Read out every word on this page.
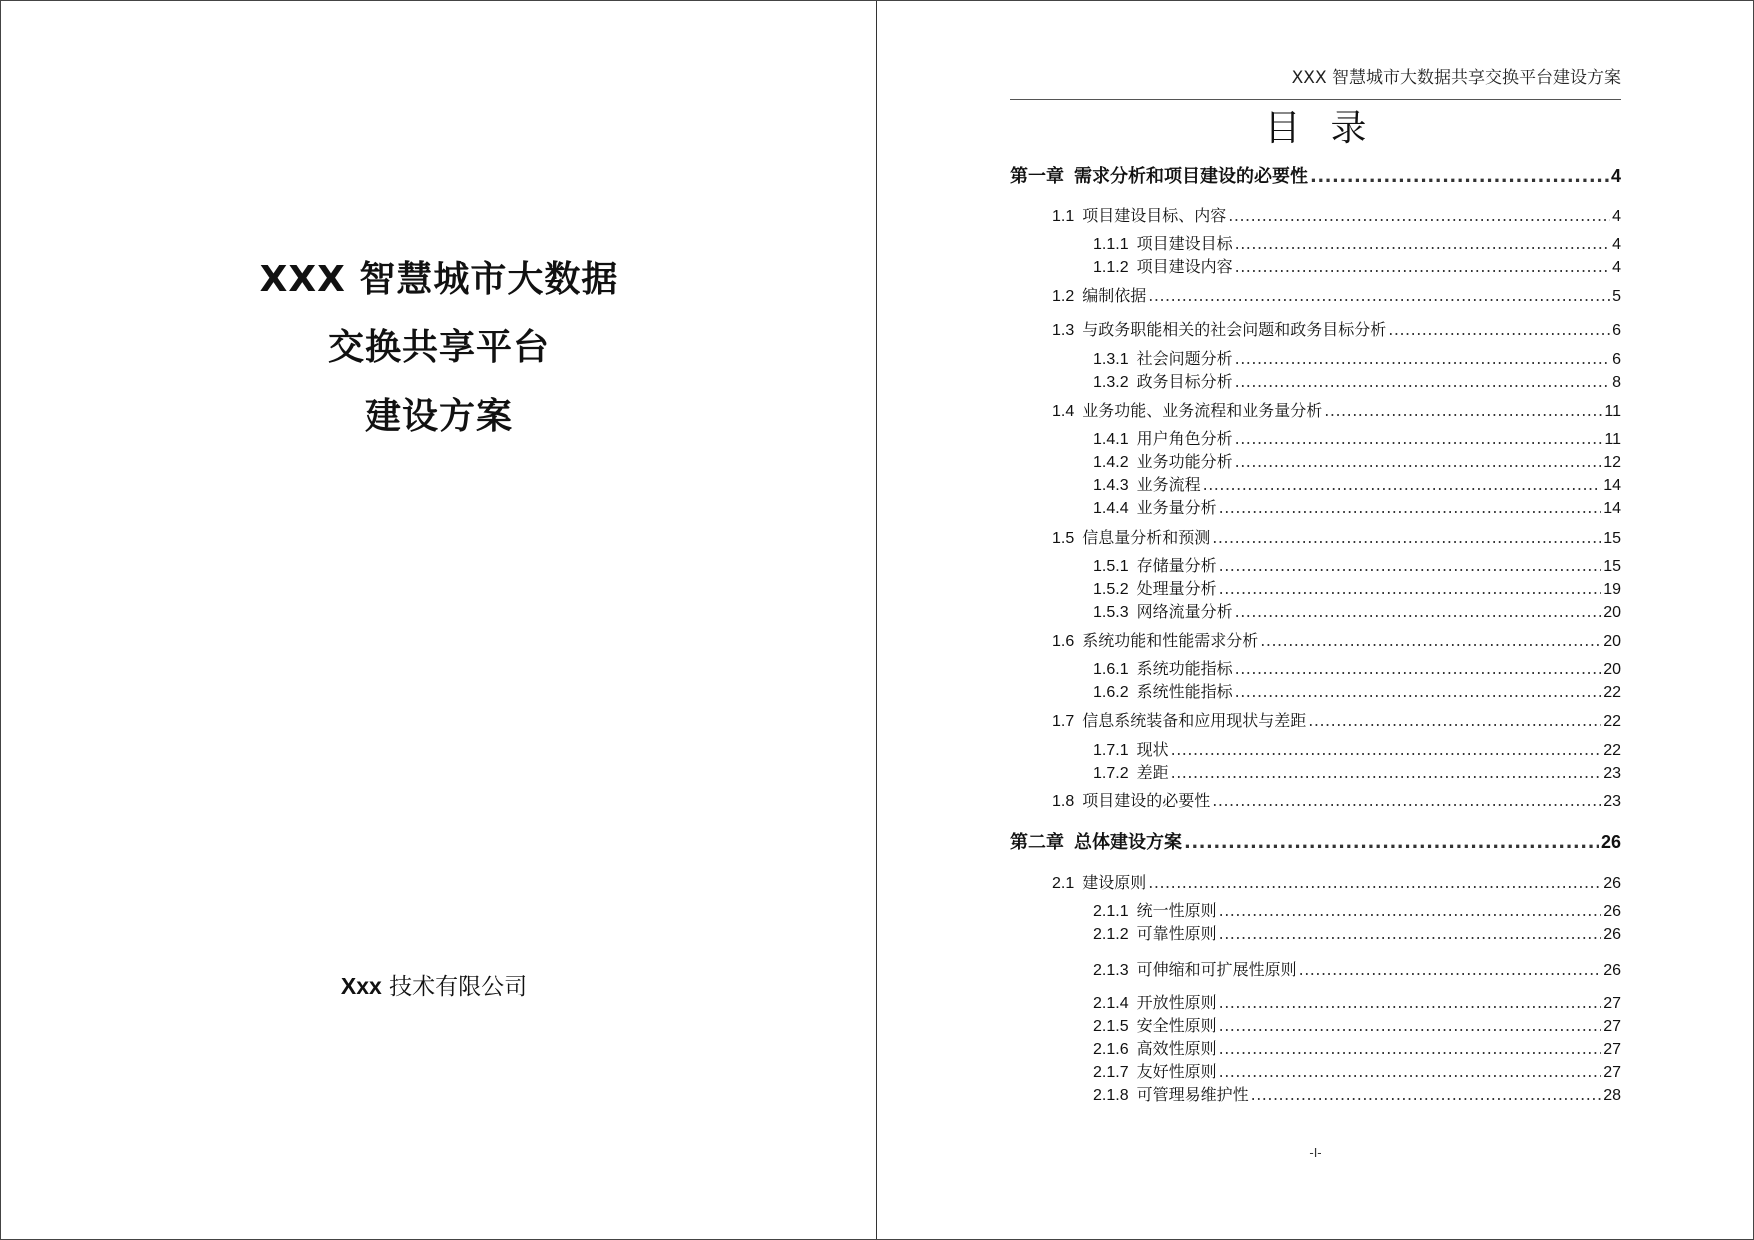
XXX 智慧城市大数据
交换共享平台
建设方案
Xxx 技术有限公司
XXX 智慧城市大数据共享交换平台建设方案
目录
第一章 需求分析和项目建设的必要性 .....	4
1.1 项目建设目标、内容 .....	4
1.1.1 项目建设目标 .....	4
1.1.2 项目建设内容 .....	4
1.2 编制依据 .....	5
1.3 与政务职能相关的社会问题和政务目标分析 .....	6
1.3.1 社会问题分析 .....	6
1.3.2 政务目标分析 .....	8
1.4 业务功能、业务流程和业务量分析 .....	11
1.4.1 用户角色分析 .....	11
1.4.2 业务功能分析 .....	12
1.4.3 业务流程 .....	14
1.4.4 业务量分析 .....	14
1.5 信息量分析和预测 .....	15
1.5.1 存储量分析 .....	15
1.5.2 处理量分析 .....	19
1.5.3 网络流量分析 .....	20
1.6 系统功能和性能需求分析 .....	20
1.6.1 系统功能指标 .....	20
1.6.2 系统性能指标 .....	22
1.7 信息系统装备和应用现状与差距 .....	22
1.7.1 现状 .....	22
1.7.2 差距 .....	23
1.8 项目建设的必要性 .....	23
第二章 总体建设方案 .....	26
2.1 建设原则 .....	26
2.1.1 统一性原则 .....	26
2.1.2 可靠性原则 .....	26
2.1.3 可伸缩和可扩展性原则 .....	26
2.1.4 开放性原则 .....	27
2.1.5 安全性原则 .....	27
2.1.6 高效性原则 .....	27
2.1.7 友好性原则 .....	27
2.1.8 可管理易维护性 .....	28
-I-
